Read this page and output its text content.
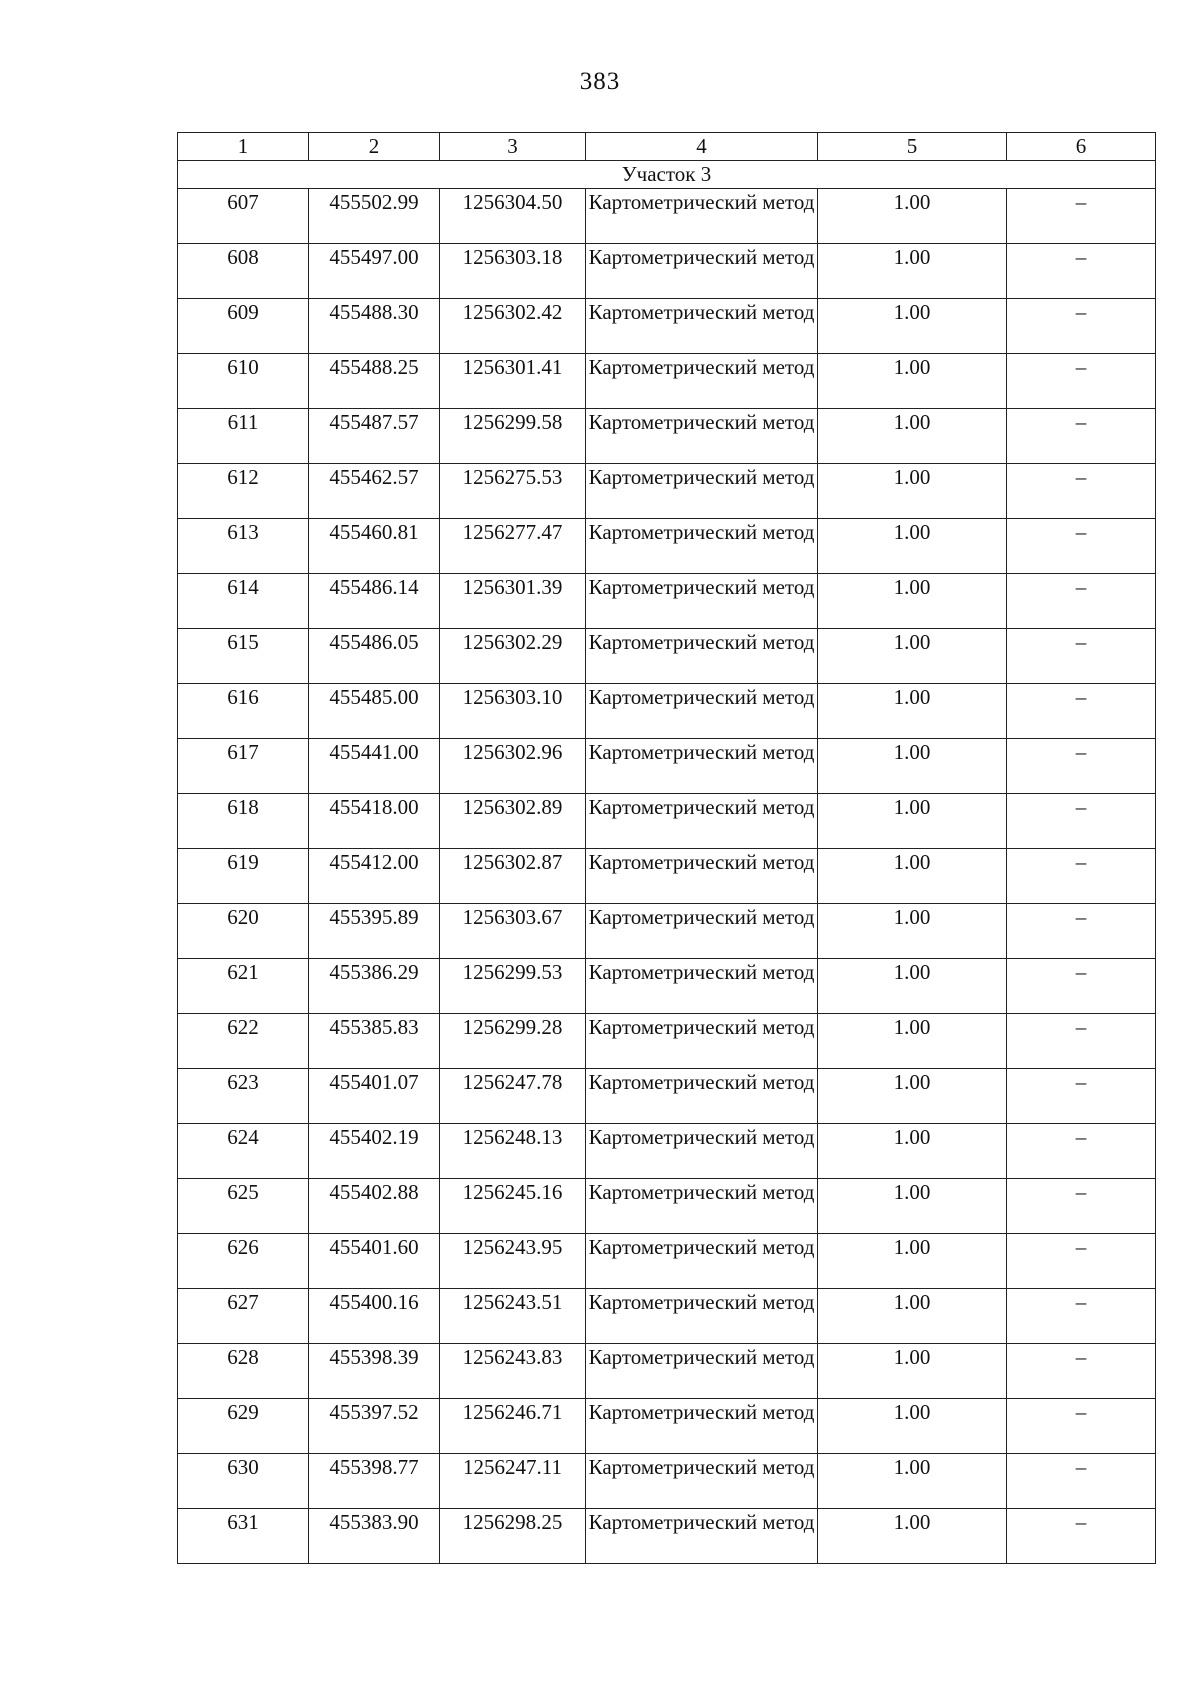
383
1	2	3	4	5	6
Участок 3					
607	455502.99	1256304.50	Картометрический метод	1.00	–
608	455497.00	1256303.18	Картометрический метод	1.00	–
609	455488.30	1256302.42	Картометрический метод	1.00	–
610	455488.25	1256301.41	Картометрический метод	1.00	–
611	455487.57	1256299.58	Картометрический метод	1.00	–
612	455462.57	1256275.53	Картометрический метод	1.00	–
613	455460.81	1256277.47	Картометрический метод	1.00	–
614	455486.14	1256301.39	Картометрический метод	1.00	–
615	455486.05	1256302.29	Картометрический метод	1.00	–
616	455485.00	1256303.10	Картометрический метод	1.00	–
617	455441.00	1256302.96	Картометрический метод	1.00	–
618	455418.00	1256302.89	Картометрический метод	1.00	–
619	455412.00	1256302.87	Картометрический метод	1.00	–
620	455395.89	1256303.67	Картометрический метод	1.00	–
621	455386.29	1256299.53	Картометрический метод	1.00	–
622	455385.83	1256299.28	Картометрический метод	1.00	–
623	455401.07	1256247.78	Картометрический метод	1.00	–
624	455402.19	1256248.13	Картометрический метод	1.00	–
625	455402.88	1256245.16	Картометрический метод	1.00	–
626	455401.60	1256243.95	Картометрический метод	1.00	–
627	455400.16	1256243.51	Картометрический метод	1.00	–
628	455398.39	1256243.83	Картометрический метод	1.00	–
629	455397.52	1256246.71	Картометрический метод	1.00	–
630	455398.77	1256247.11	Картометрический метод	1.00	–
631	455383.90	1256298.25	Картометрический метод	1.00	–
